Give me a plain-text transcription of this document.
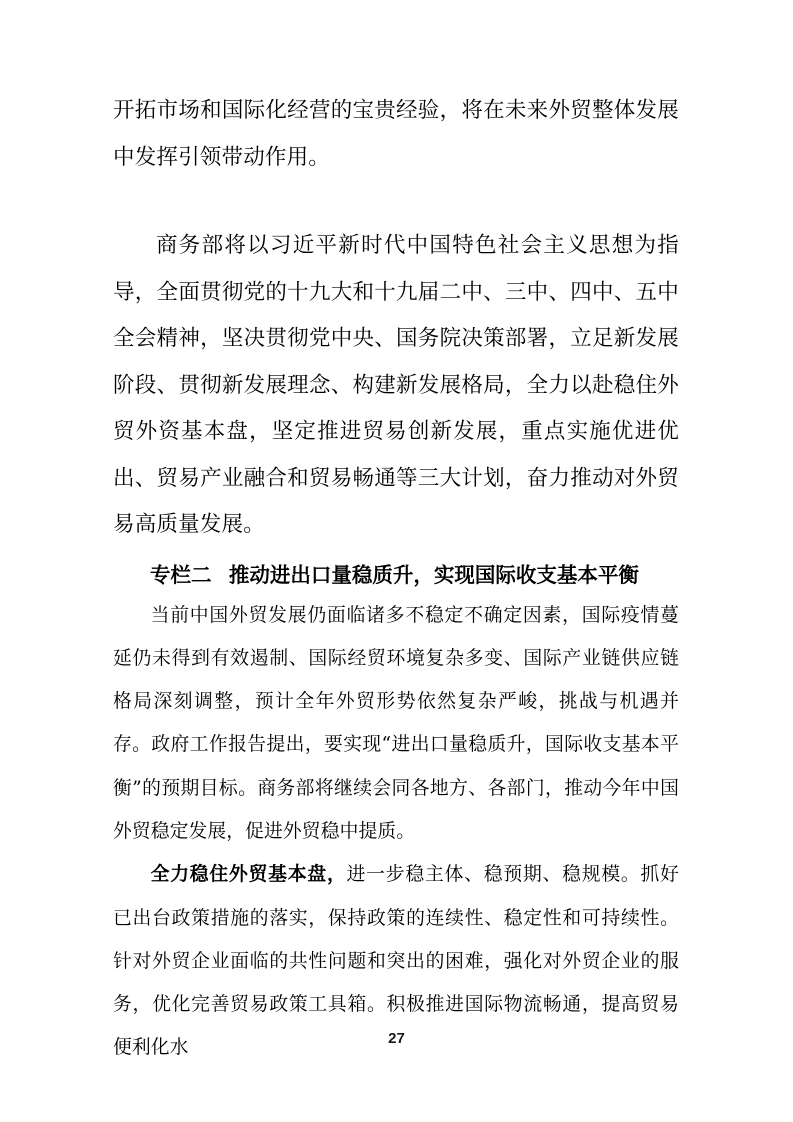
开拓市场和国际化经营的宝贵经验，将在未来外贸整体发展中发挥引领带动作用。

商务部将以习近平新时代中国特色社会主义思想为指导，全面贯彻党的十九大和十九届二中、三中、四中、五中全会精神，坚决贯彻党中央、国务院决策部署，立足新发展阶段、贯彻新发展理念、构建新发展格局，全力以赴稳住外贸外资基本盘，坚定推进贸易创新发展，重点实施优进优出、贸易产业融合和贸易畅通等三大计划，奋力推动对外贸易高质量发展。

专栏二 推动进出口量稳质升，实现国际收支基本平衡

当前中国外贸发展仍面临诸多不稳定不确定因素，国际疫情蔓延仍未得到有效遏制、国际经贸环境复杂多变、国际产业链供应链格局深刻调整，预计全年外贸形势依然复杂严峻，挑战与机遇并存。政府工作报告提出，要实现“进出口量稳质升，国际收支基本平衡”的预期目标。商务部将继续会同各地方、各部门，推动今年中国外贸稳定发展，促进外贸稳中提质。

全力稳住外贸基本盘，进一步稳主体、稳预期、稳规模。抓好已出台政策措施的落实，保持政策的连续性、稳定性和可持续性。针对外贸企业面临的共性问题和突出的困难，强化对外贸企业的服务，优化完善贸易政策工具箱。积极推进国际物流畅通，提高贸易便利化水	27
